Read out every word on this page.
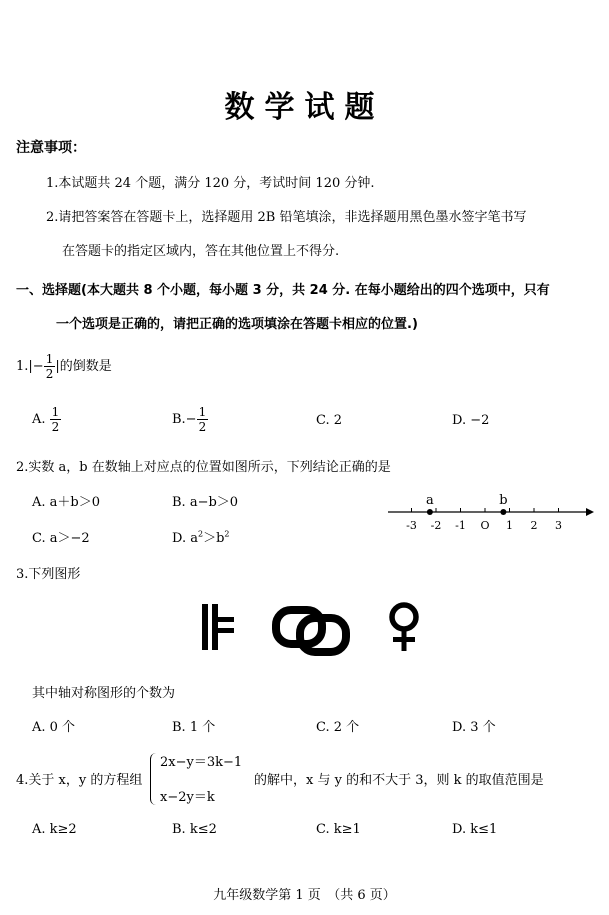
数学试题
注意事项：
1.本试题共 24 个题，满分 120 分，考试时间 120 分钟.
2.请把答案答在答题卡上，选择题用 2B 铅笔填涂，非选择题用黑色墨水签字笔书写
在答题卡的指定区域内，答在其他位置上不得分.
一、选择题(本大题共 8 个小题，每小题 3 分，共 24 分. 在每小题给出的四个选项中，只有
一个选项是正确的，请把正确的选项填涂在答题卡相应的位置.)
$1.|- \frac{1}{2}$ |的倒数是
A. $\frac{1}{2}$	$B.- \frac{1}{2}$	C. 2	D. −2
2.实数 a，b 在数轴上对应点的位置如图所示，下列结论正确的是
A. a＋b＞0	B. a−b＞0
C. a＞−2	D. $a^2>b^2$
-3 -2 -1 O 1 2 3
a	b
3.下列图形
其中轴对称图形的个数为
A. 0 个	B. 1 个	C. 2 个	D. 3 个
4.关于 x，y 的方程组
2x−y＝3k−1
x−2y＝k
的解中，x 与 y 的和不大于 3，则 k 的取值范围是
A. k≥2	B. k≤2	C. k≥1	D. k≤1
九年级数学第 1 页　（共 6 页）
